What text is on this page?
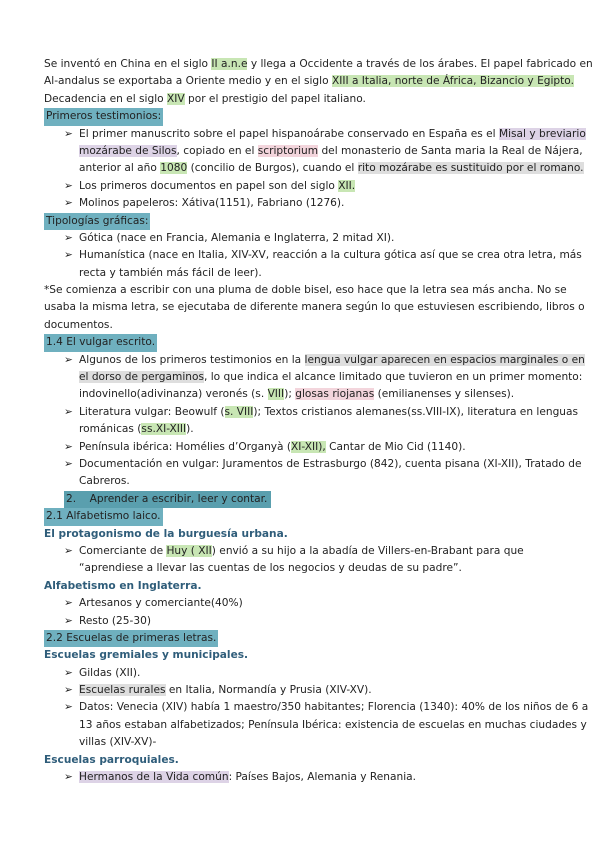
Se inventó en China en el siglo II a.n.e y llega a Occidente a través de los árabes. El papel fabricado en
Al-andalus se exportaba a Oriente medio y en el siglo XIII a Italia, norte de África, Bizancio y Egipto.
Decadencia en el siglo XIV por el prestigio del papel italiano.
Primeros testimonios:
➢ El primer manuscrito sobre el papel hispanoárabe conservado en España es el Misal y breviario
mozárabe de Silos, copiado en el scriptorium del monasterio de Santa maria la Real de Nájera,
anterior al año 1080 (concilio de Burgos), cuando el rito mozárabe es sustituido por el romano.
➢ Los primeros documentos en papel son del siglo XII.
➢ Molinos papeleros: Xátiva(1151), Fabriano (1276).
Tipologías gráficas:
➢ Gótica (nace en Francia, Alemania e Inglaterra, 2 mitad XI).
➢ Humanística (nace en Italia, XIV-XV, reacción a la cultura gótica así que se crea otra letra, más
recta y también más fácil de leer).
*Se comienza a escribir con una pluma de doble bisel, eso hace que la letra sea más ancha. No se
usaba la misma letra, se ejecutaba de diferente manera según lo que estuviesen escribiendo, libros o
documentos.
1.4 El vulgar escrito.
➢ Algunos de los primeros testimonios en la lengua vulgar aparecen en espacios marginales o en
el dorso de pergaminos, lo que indica el alcance limitado que tuvieron en un primer momento:
indovinello(adivinanza) veronés (s. VIII); glosas riojanas (emilianenses y silenses).
➢ Literatura vulgar: Beowulf (s. VIII); Textos cristianos alemanes(ss.VIII-IX), literatura en lenguas
románicas (ss.XI-XIII).
➢ Península ibérica: Homélies d’Organyà (XI-XII), Cantar de Mio Cid (1140).
➢ Documentación en vulgar: Juramentos de Estrasburgo (842), cuenta pisana (XI-XII), Tratado de
Cabreros.
2. Aprender a escribir, leer y contar.
2.1 Alfabetismo laico.
El protagonismo de la burguesía urbana.
➢ Comerciante de Huy ( XII) envió a su hijo a la abadía de Villers-en-Brabant para que
“aprendiese a llevar las cuentas de los negocios y deudas de su padre”.
Alfabetismo en Inglaterra.
➢ Artesanos y comerciante(40%)
➢ Resto (25-30)
2.2 Escuelas de primeras letras.
Escuelas gremiales y municipales.
➢ Gildas (XII).
➢ Escuelas rurales en Italia, Normandía y Prusia (XIV-XV).
➢ Datos: Venecia (XIV) había 1 maestro/350 habitantes; Florencia (1340): 40% de los niños de 6 a
13 años estaban alfabetizados; Península Ibérica: existencia de escuelas en muchas ciudades y
villas (XIV-XV)-
Escuelas parroquiales.
➢ Hermanos de la Vida común: Países Bajos, Alemania y Renania.
